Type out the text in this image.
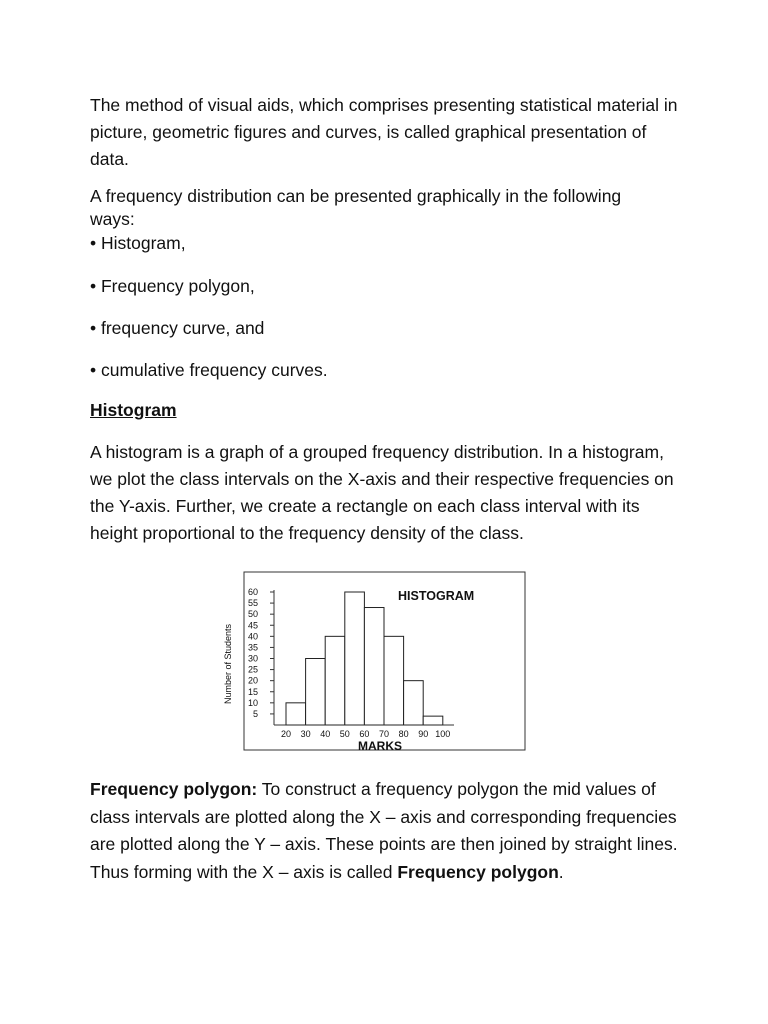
The method of visual aids, which comprises presenting statistical material in picture, geometric figures and curves, is called graphical presentation of data.

A frequency distribution can be presented graphically in the following

ways:

• Histogram,

• Frequency polygon,

• frequency curve, and

• cumulative frequency curves.

Histogram

A histogram is a graph of a grouped frequency distribution. In a histogram, we plot the class intervals on the X-axis and their respective frequencies on the Y-axis. Further, we create a rectangle on each class interval with its height proportional to the frequency density of the class.

HISTOGRAM
MARKS
Number of Students
5
10
15
20
25
30
35
40
45
50
55
60
20 30 40 50 60 70 80 90 100
Frequency polygon: To construct a frequency polygon the mid values of class intervals are plotted along the X – axis and corresponding frequencies are plotted along the Y – axis. These points are then joined by straight lines. Thus forming with the X – axis is called Frequency polygon.
